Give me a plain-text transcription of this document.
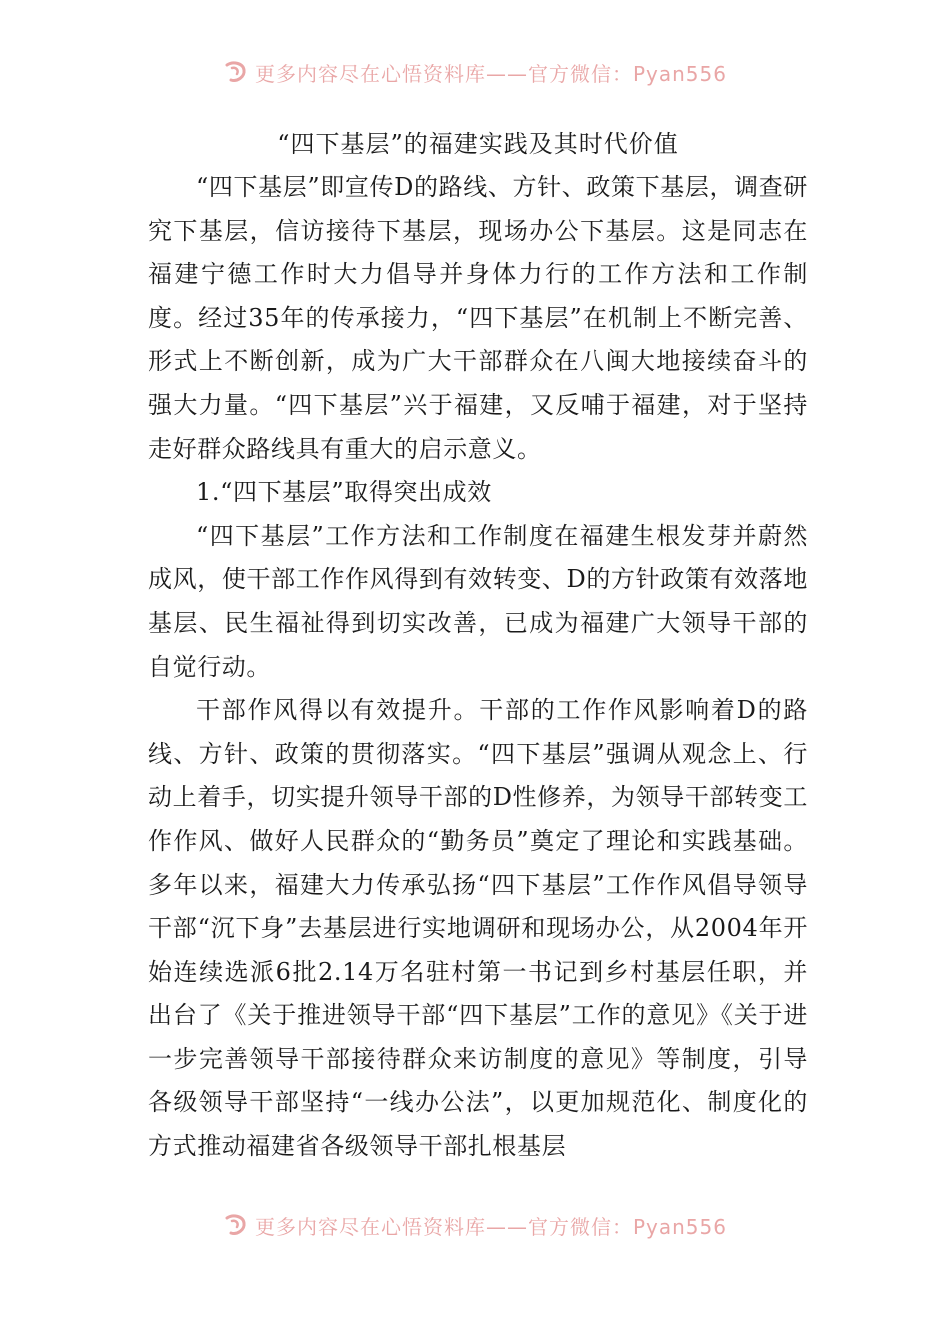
更多内容尽在心悟资料库——官方微信：Pyan556
“四下基层”的福建实践及其时代价值

“四下基层”即宣传D的路线、方针、政策下基层，调查研究下基层，信访接待下基层，现场办公下基层。这是同志在福建宁德工作时大力倡导并身体力行的工作方法和工作制度。经过35年的传承接力，“四下基层”在机制上不断完善、形式上不断创新，成为广大干部群众在八闽大地接续奋斗的强大力量。“四下基层”兴于福建，又反哺于福建，对于坚持走好群众路线具有重大的启示意义。

1.“四下基层”取得突出成效

“四下基层”工作方法和工作制度在福建生根发芽并蔚然成风，使干部工作作风得到有效转变、D的方针政策有效落地基层、民生福祉得到切实改善，已成为福建广大领导干部的自觉行动。

干部作风得以有效提升。干部的工作作风影响着D的路线、方针、政策的贯彻落实。“四下基层”强调从观念上、行动上着手，切实提升领导干部的D性修养，为领导干部转变工作作风、做好人民群众的“勤务员”奠定了理论和实践基础。多年以来，福建大力传承弘扬“四下基层”工作作风倡导领导干部“沉下身”去基层进行实地调研和现场办公，从2004年开始连续选派6批2.14万名驻村第一书记到乡村基层任职，并出台了《关于推进领导干部“四下基层”工作的意见》《关于进一步完善领导干部接待群众来访制度的意见》等制度，引导各级领导干部坚持“一线办公法”，以更加规范化、制度化的方式推动福建省各级领导干部扎根基层

更多内容尽在心悟资料库——官方微信：Pyan556
